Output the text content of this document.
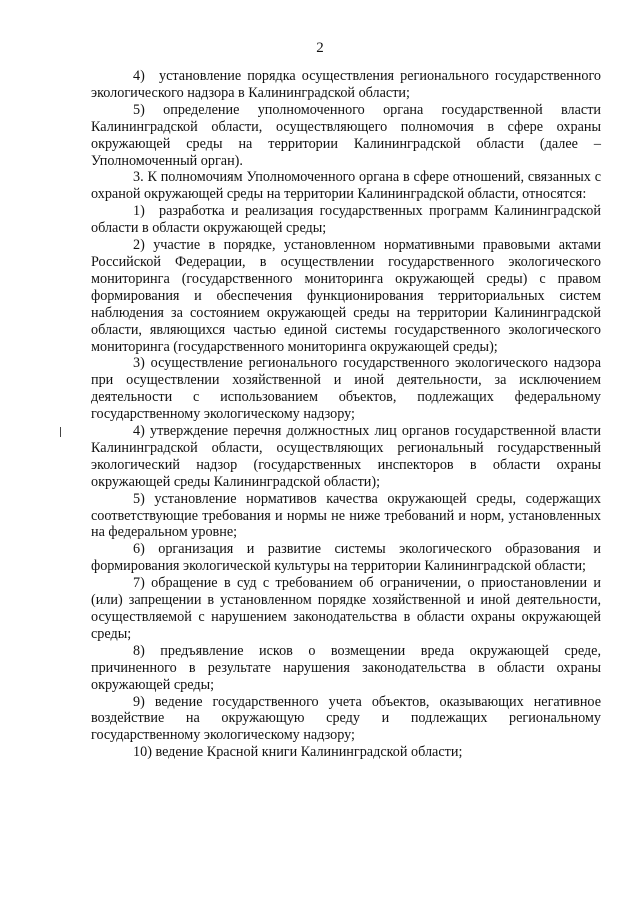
2

4) установление порядка осуществления регионального государственного экологического надзора в Калининградской области;

5) определение уполномоченного органа государственной власти Калининградской области, осуществляющего полномочия в сфере охраны окружающей среды на территории Калининградской области (далее – Уполномоченный орган).

3. К полномочиям Уполномоченного органа в сфере отношений, связанных с охраной окружающей среды на территории Калининградской области, относятся:

1) разработка и реализация государственных программ Калининградской области в области окружающей среды;

2) участие в порядке, установленном нормативными правовыми актами Российской Федерации, в осуществлении государственного экологического мониторинга (государственного мониторинга окружающей среды) с правом формирования и обеспечения функционирования территориальных систем наблюдения за состоянием окружающей среды на территории Калининградской области, являющихся частью единой системы государственного экологического мониторинга (государственного мониторинга окружающей среды);

3) осуществление регионального государственного экологического надзора при осуществлении хозяйственной и иной деятельности, за исключением деятельности с использованием объектов, подлежащих федеральному государственному экологическому надзору;

4) утверждение перечня должностных лиц органов государственной власти Калининградской области, осуществляющих региональный государственный экологический надзор (государственных инспекторов в области охраны окружающей среды Калининградской области);

5) установление нормативов качества окружающей среды, содержащих соответствующие требования и нормы не ниже требований и норм, установленных на федеральном уровне;

6) организация и развитие системы экологического образования и формирования экологической культуры на территории Калининградской области;

7) обращение в суд с требованием об ограничении, о приостановлении и (или) запрещении в установленном порядке хозяйственной и иной деятельности, осуществляемой с нарушением законодательства в области охраны окружающей среды;

8) предъявление исков о возмещении вреда окружающей среде, причиненного в результате нарушения законодательства в области охраны окружающей среды;

9) ведение государственного учета объектов, оказывающих негативное воздействие на окружающую среду и подлежащих региональному государственному экологическому надзору;

10) ведение Красной книги Калининградской области;
